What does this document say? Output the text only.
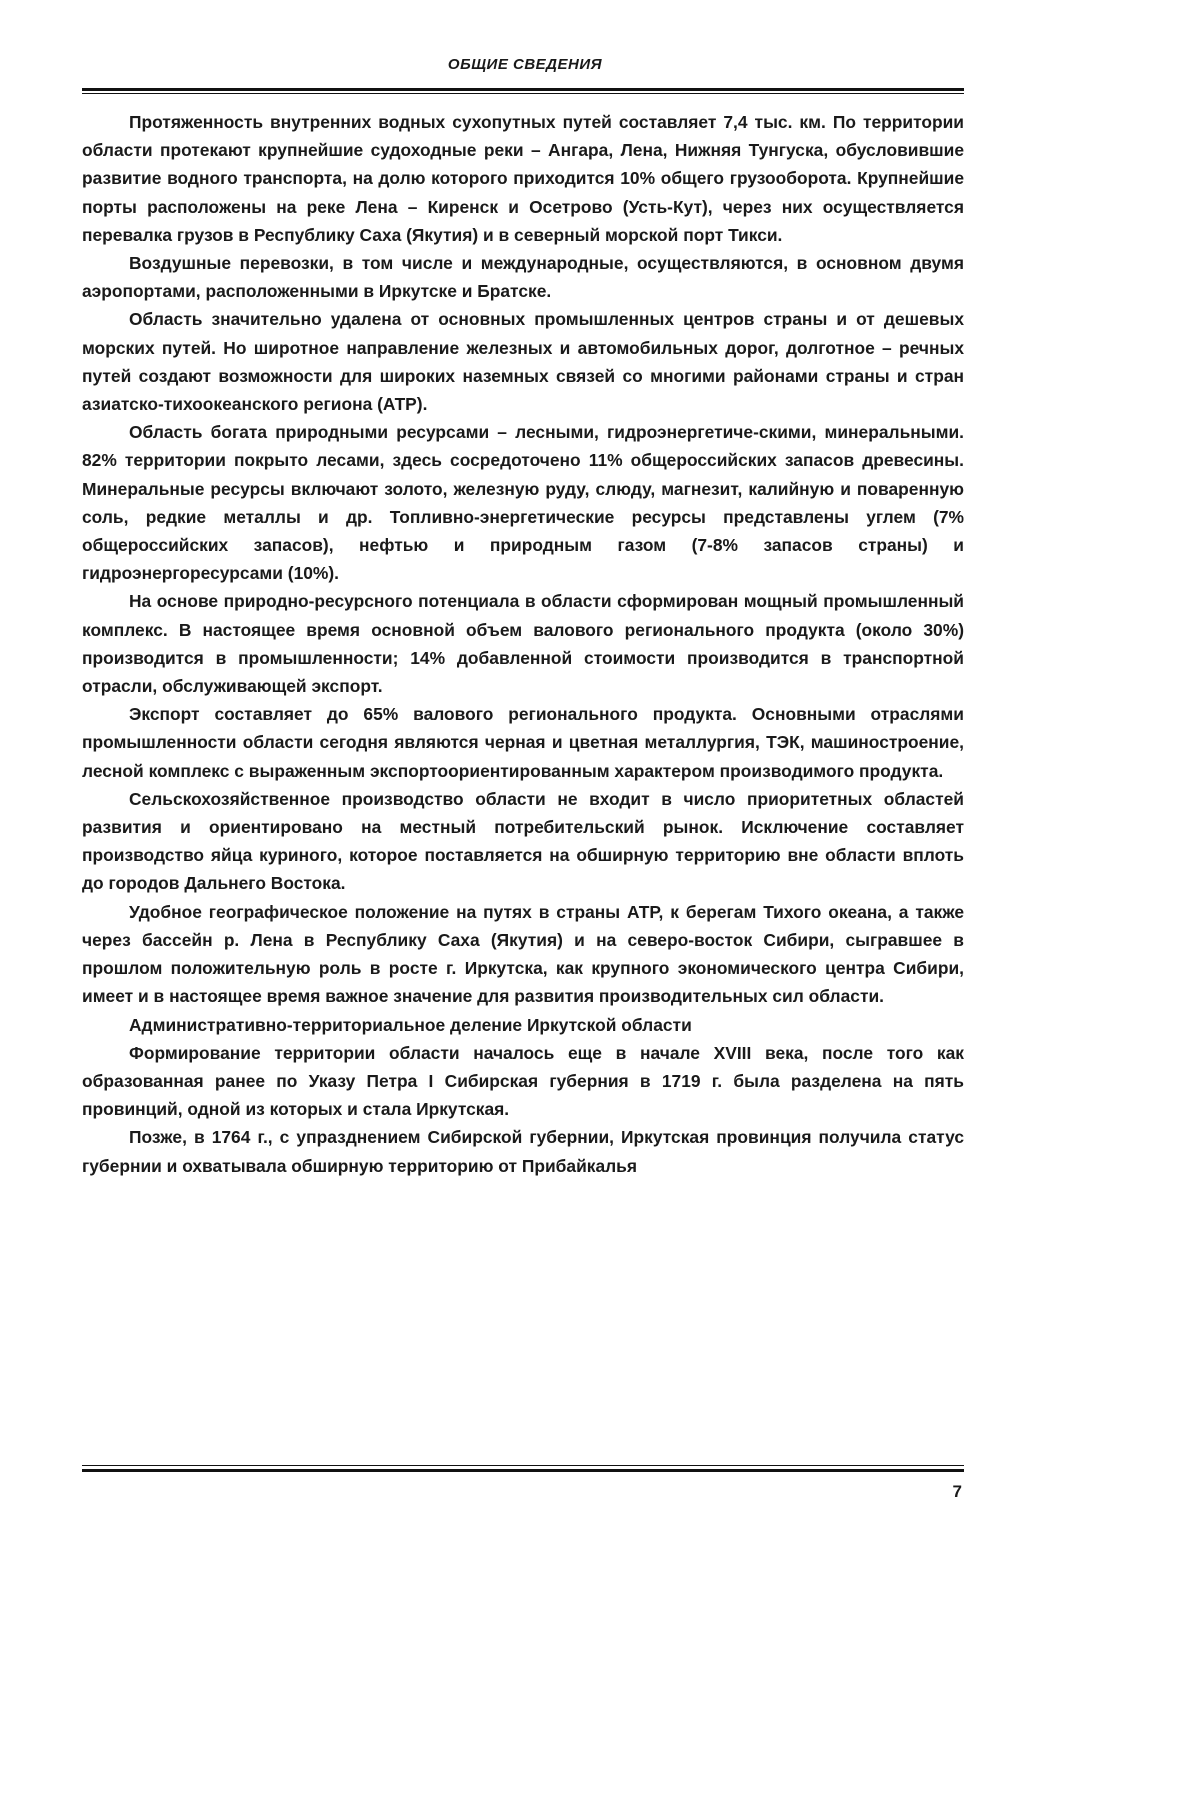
ОБЩИЕ СВЕДЕНИЯ

Протяженность внутренних водных сухопутных путей составляет 7,4 тыс. км. По территории области протекают крупнейшие судоходные реки – Ангара, Лена, Нижняя Тунгуска, обусловившие развитие водного транспорта, на долю которого приходится 10% общего грузооборота. Крупнейшие порты расположены на реке Лена – Киренск и Осетрово (Усть-Кут), через них осуществляется перевалка грузов в Республику Саха (Якутия) и в северный морской порт Тикси.

Воздушные перевозки, в том числе и международные, осуществляются, в основном двумя аэропортами, расположенными в Иркутске и Братске.

Область значительно удалена от основных промышленных центров страны и от дешевых морских путей. Но широтное направление железных и автомобильных дорог, долготное – речных путей создают возможности для широких наземных связей со многими районами страны и стран азиатско-тихоокеанского региона (АТР).

Область богата природными ресурсами – лесными, гидроэнергетиче-скими, минеральными. 82% территории покрыто лесами, здесь сосредоточено 11% общероссийских запасов древесины. Минеральные ресурсы включают золото, железную руду, слюду, магнезит, калийную и поваренную соль, редкие металлы и др. Топливно-энергетические ресурсы представлены углем (7% общероссийских запасов), нефтью и природным газом (7-8% запасов страны) и гидроэнергоресурсами (10%).

На основе природно-ресурсного потенциала в области сформирован мощный промышленный комплекс. В настоящее время основной объем валового регионального продукта (около 30%) производится в промышленности; 14% добавленной стоимости производится в транспортной отрасли, обслуживающей экспорт.

Экспорт составляет до 65% валового регионального продукта. Основными отраслями промышленности области сегодня являются черная и цветная металлургия, ТЭК, машиностроение, лесной комплекс с выраженным экспортоориентированным характером производимого продукта.

Сельскохозяйственное производство области не входит в число приоритетных областей развития и ориентировано на местный потребительский рынок. Исключение составляет производство яйца куриного, которое поставляется на обширную территорию вне области вплоть до городов Дальнего Востока.

Удобное географическое положение на путях в страны АТР, к берегам Тихого океана, а также через бассейн р. Лена в Республику Саха (Якутия) и на северо-восток Сибири, сыгравшее в прошлом положительную роль в росте г. Иркутска, как крупного экономического центра Сибири, имеет и в настоящее время важное значение для развития производительных сил области.

Административно-территориальное деление Иркутской области

Формирование территории области началось еще в начале XVIII века, после того как образованная ранее по Указу Петра I Сибирская губерния в 1719 г. была разделена на пять провинций, одной из которых и стала Иркутская.

Позже, в 1764 г., с упразднением Сибирской губернии, Иркутская провинция получила статус губернии и охватывала обширную территорию от Прибайкалья

7
